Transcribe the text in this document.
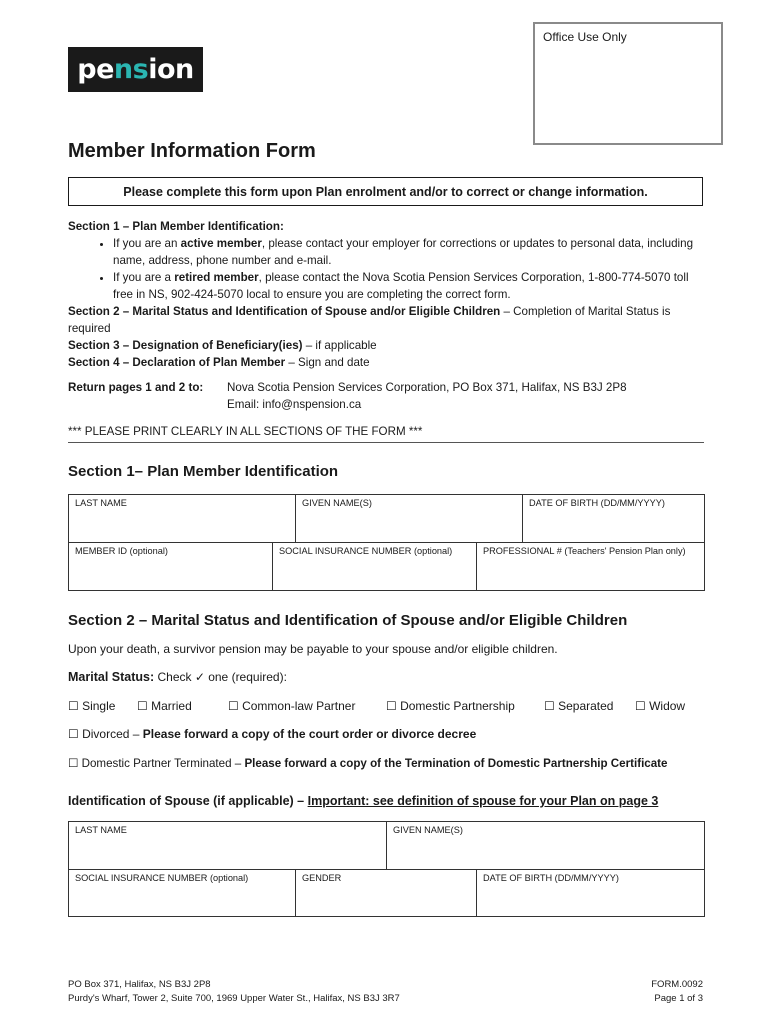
pe ns ion
Office Use Only
Member Information Form
Please complete this form upon Plan enrolment and/or to correct or change information.

Section 1 – Plan Member Identification:

• If you are an active member, please contact your employer for corrections or updates to personal data, including name, address, phone number and e-mail.
• If you are a retired member, please contact the Nova Scotia Pension Services Corporation, 1-800-774-5070 toll free in NS, 902-424-5070 local to ensure you are completing the correct form.

Section 2 – Marital Status and Identification of Spouse and/or Eligible Children – Completion of Marital Status is required

Section 3 – Designation of Beneficiary(ies) – if applicable

Section 4 – Declaration of Plan Member – Sign and date

Return pages 1 and 2 to: Nova Scotia Pension Services Corporation, PO Box 371, Halifax, NS B3J 2P8
Email: info@nspension.ca
*** PLEASE PRINT CLEARLY IN ALL SECTIONS OF THE FORM ***
Section 1– Plan Member Identification
LAST NAME	GIVEN NAME(S)	DATE OF BIRTH (DD/MM/YYYY)
MEMBER ID (optional)	SOCIAL INSURANCE NUMBER (optional)	PROFESSIONAL # (Teachers' Pension Plan only)
Section 2 – Marital Status and Identification of Spouse and/or Eligible Children
Upon your death, a survivor pension may be payable to your spouse and/or eligible children.
Marital Status: Check ✓ one (required):
☐ Single ☐ Married	☐ Common-law Partner	☐ Domestic Partnership ☐ Separated ☐ Widow
☐ Divorced – Please forward a copy of the court order or divorce decree
☐ Domestic Partner Terminated – Please forward a copy of the Termination of Domestic Partnership Certificate
Identification of Spouse (if applicable) – Important: see definition of spouse for your Plan on page 3
LAST NAME	GIVEN NAME(S)
SOCIAL INSURANCE NUMBER (optional)	GENDER	DATE OF BIRTH (DD/MM/YYYY)
PO Box 371, Halifax, NS B3J 2P8
Purdy's Wharf, Tower 2, Suite 700, 1969 Upper Water St., Halifax, NS B3J 3R7
FORM.0092
Page 1 of 3
